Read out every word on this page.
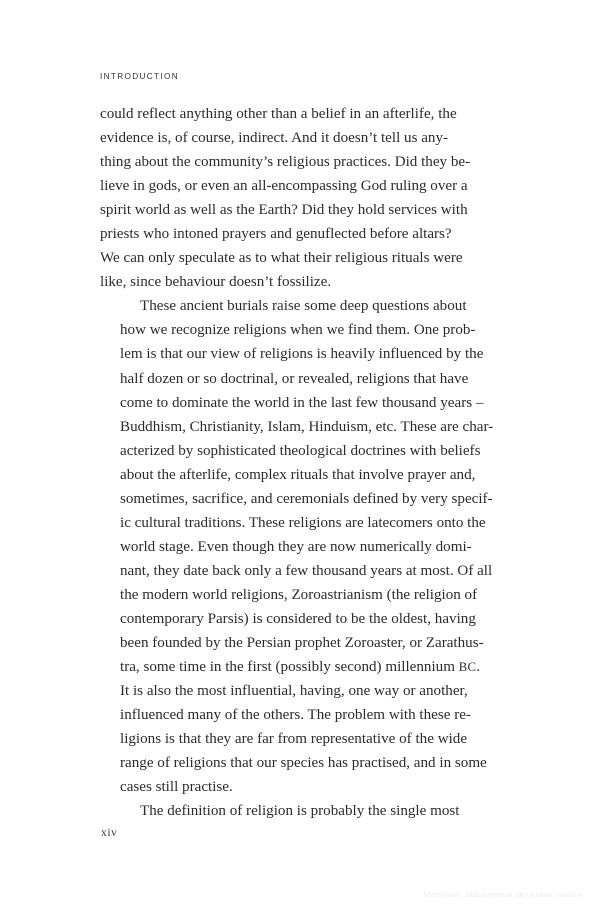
INTRODUCTION

could reflect anything other than a belief in an afterlife, the
evidence is, of course, indirect. And it doesn’t tell us any-
thing about the community’s religious practices. Did they be-
lieve in gods, or even an all-encompassing God ruling over a
spirit world as well as the Earth? Did they hold services with
priests who intoned prayers and genuflected before altars?
We can only speculate as to what their religious rituals were
like, since behaviour doesn’t fossilize.

These ancient burials raise some deep questions about
how we recognize religions when we find them. One prob-
lem is that our view of religions is heavily influenced by the
half dozen or so doctrinal, or revealed, religions that have
come to dominate the world in the last few thousand years –
Buddhism, Christianity, Islam, Hinduism, etc. These are char-
acterized by sophisticated theological doctrines with beliefs
about the afterlife, complex rituals that involve prayer and,
sometimes, sacrifice, and ceremonials defined by very specif-
ic cultural traditions. These religions are latecomers onto the
world stage. Even though they are now numerically domi-
nant, they date back only a few thousand years at most. Of all
the modern world religions, Zoroastrianism (the religion of
contemporary Parsis) is considered to be the oldest, having
been founded by the Persian prophet Zoroaster, or Zarathus-
tra, some time in the first (possibly second) millennium BC.
It is also the most influential, having, one way or another,
influenced many of the others. The problem with these re-
ligions is that they are far from representative of the wide
range of religions that our species has practised, and in some
cases still practise.

The definition of religion is probably the single most

xiv
Материал, защищенный авторским правом
